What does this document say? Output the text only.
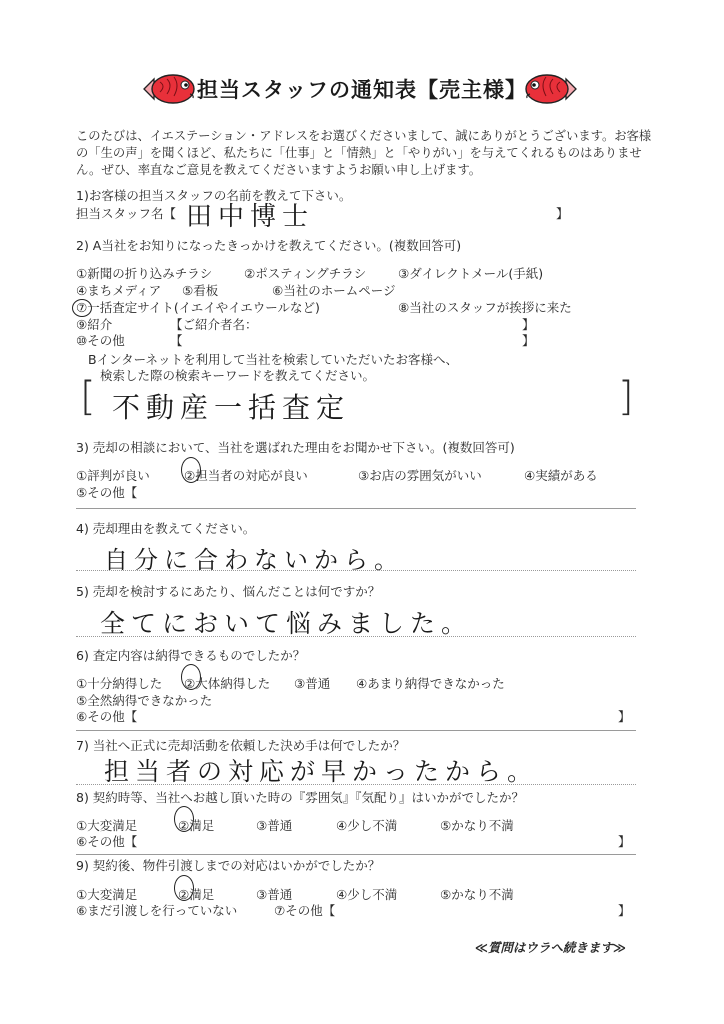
担当スタッフの通知表【売主様】
このたびは、イエステーション・アドレスをお選びくださいまして、誠にありがとうございます。お客様の「生の声」を聞くほど、私たちに「仕事」と「情熱」と「やりがい」を与えてくれるものはありません。ぜひ、率直なご意見を教えてくださいますようお願い申し上げます。
1)お客様の担当スタッフの名前を教えて下さい。
担当スタッフ名【 田中博士	】
2) A当社をお知りになったきっかけを教えてください。(複数回答可)
①新聞の折り込みチラシ	②ポスティングチラシ	③ダイレクトメール(手紙)
④まちメディア ⑤看板	⑥当社のホームページ
⑦一括査定サイト(イエイやイエウールなど)	⑧当社のスタッフが挨拶に来た
⑨紹介	【ご紹介者名：	】
⑩その他	【	】
Bインターネットを利用して当社を検索していただいたお客様へ、
検索した際の検索キーワードを教えてください。
[ 不動産一括査定	]
3) 売却の相談において、当社を選ばれた理由をお聞かせ下さい。(複数回答可)
①評判が良い	②担当者の対応が良い	③お店の雰囲気がいい	④実績がある
⑤その他【
4) 売却理由を教えてください。
自分に合わないから。
5) 売却を検討するにあたり、悩んだことは何ですか？
全てにおいて悩みました。
6) 査定内容は納得できるものでしたか？
①十分納得した ②大体納得した ③普通 ④あまり納得できなかった
⑤全然納得できなかった
⑥その他【	】
7) 当社へ正式に売却活動を依頼した決め手は何でしたか？
担当者の対応が早かったから。
8) 契約時等、当社へお越し頂いた時の『雰囲気』『気配り』はいかがでしたか？
①大変満足	②満足	③普通	④少し不満	⑤かなり不満
⑥その他【	】
9) 契約後、物件引渡しまでの対応はいかがでしたか？
①大変満足	②満足	③普通	④少し不満	⑤かなり不満
⑥まだ引渡しを行っていない	⑦その他【	】
≪質問はウラへ続きます≫
